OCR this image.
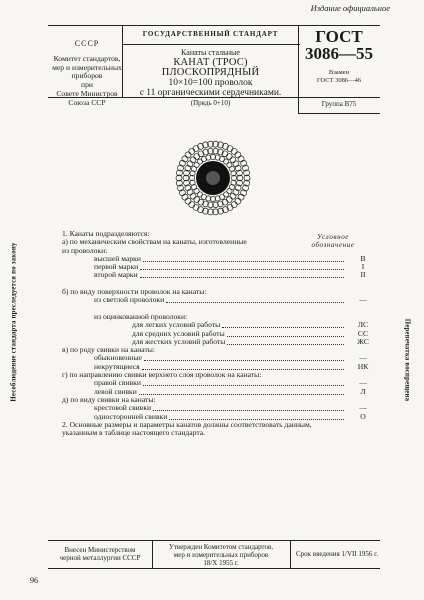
Издание официальное
СССР
Комитет стандартов,
мер и измерительных
приборов
при
Совете Министров
Союза ССР
ГОСУДАРСТВЕННЫЙ СТАНДАРТ
Канаты стальные
КАНАТ (ТРОС) ПЛОСКОПРЯДНЫЙ
10×10=100 проволок
с 11 органическими сердечниками.
(Прядь 0+10)
ГОСТ
3086—55
Взамен
ГОСТ 3086—46
Группа В75
Несоблюдение стандарта преследуется по закону	Перепечатка воспрещена
Условное
обозначение
1. Канаты подразделяются:
а) по механическим свойствам на канаты, изготовленные
из проволоки:
высшей марки	В
первой марки	I
второй марки	II
б) по виду поверхности проволок на канаты:
из светлой проволоки	—
из оцинкованной проволоки:
для легких условий работы	ЛС
для средних условий работы	СС
для жестких условий работы	ЖС
в) по роду свивки на канаты:
обыкновенные	—
некрутящиеся	НК
г) по направлению свивки верхнего слоя проволок на канаты:
правой свивки	—
левой свивки	Л
д) по виду свивки на канаты:
крестовой свивки	—
односторонней свивки	О
2. Основные размеры и параметры канатов должны соответствовать данным,
указанным в таблице настоящего стандарта.
Внесен Министерством
черной металлургии СССР
Утвержден Комитетом стандартов,
мер и измерительных приборов
18/X 1955 г.
Срок введения 1/VII 1956 г.
96
